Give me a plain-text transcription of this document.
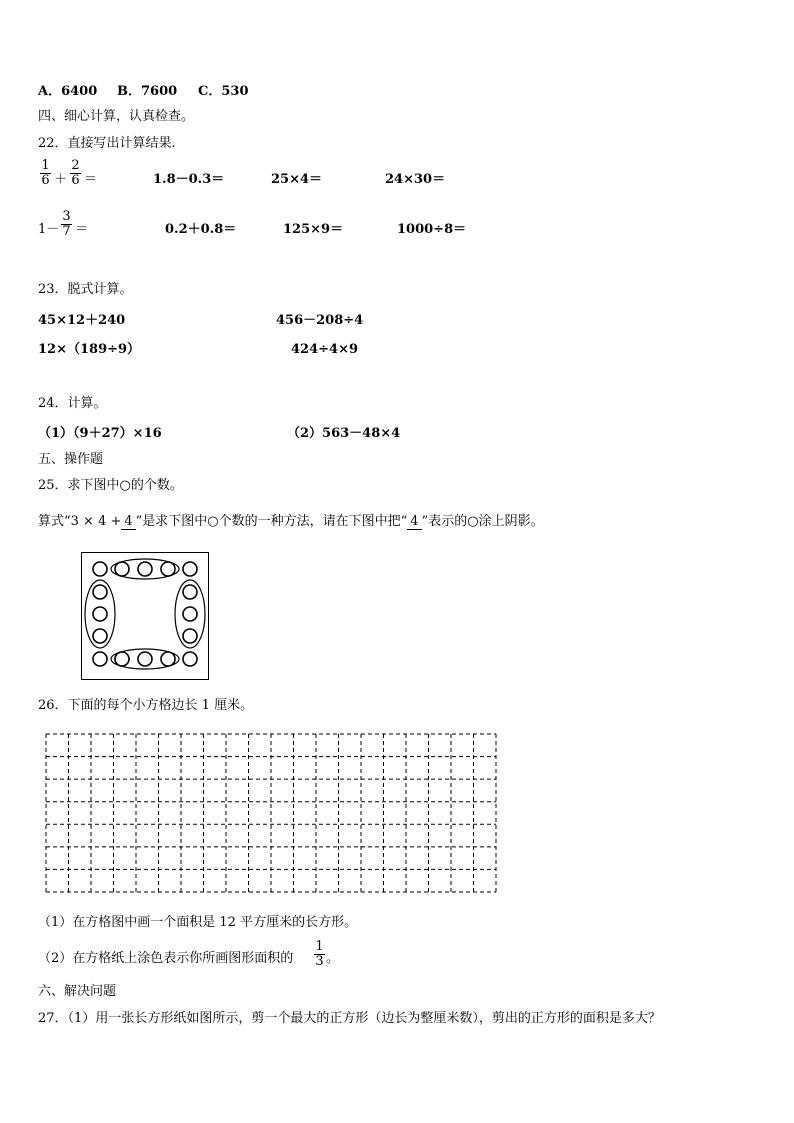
A．6400 B．7600 C．530
四、细心计算，认真检查。
22．直接写出计算结果.
$\frac{1}{6} + \frac{2}{6}$ ＝	1.8－0.3＝	25×4＝	24×30＝
$1- \frac{3}{7}$ ＝	0.2＋0.8＝	125×9＝	1000÷8＝
23．脱式计算。
45×12＋240	456－208÷4
12×（189÷9）	424÷4×9
24．计算。
（1）（9＋27）×16	（2）563－48×4
五、操作题
25．求下图中○的个数。
算式“3 × 4 + 4 ”是求下图中○个数的一种方法，请在下图中把“ 4 ”表示的○涂上阴影。
26．下面的每个小方格边长 1 厘米。
（1）在方格图中画一个面积是 12 平方厘米的长方形。
（2）在方格纸上涂色表示你所画图形面积的 $\frac{1}{3}$ 。
六、解决问题
27．（1）用一张长方形纸如图所示，剪一个最大的正方形（边长为整厘米数），剪出的正方形的面积是多大？
